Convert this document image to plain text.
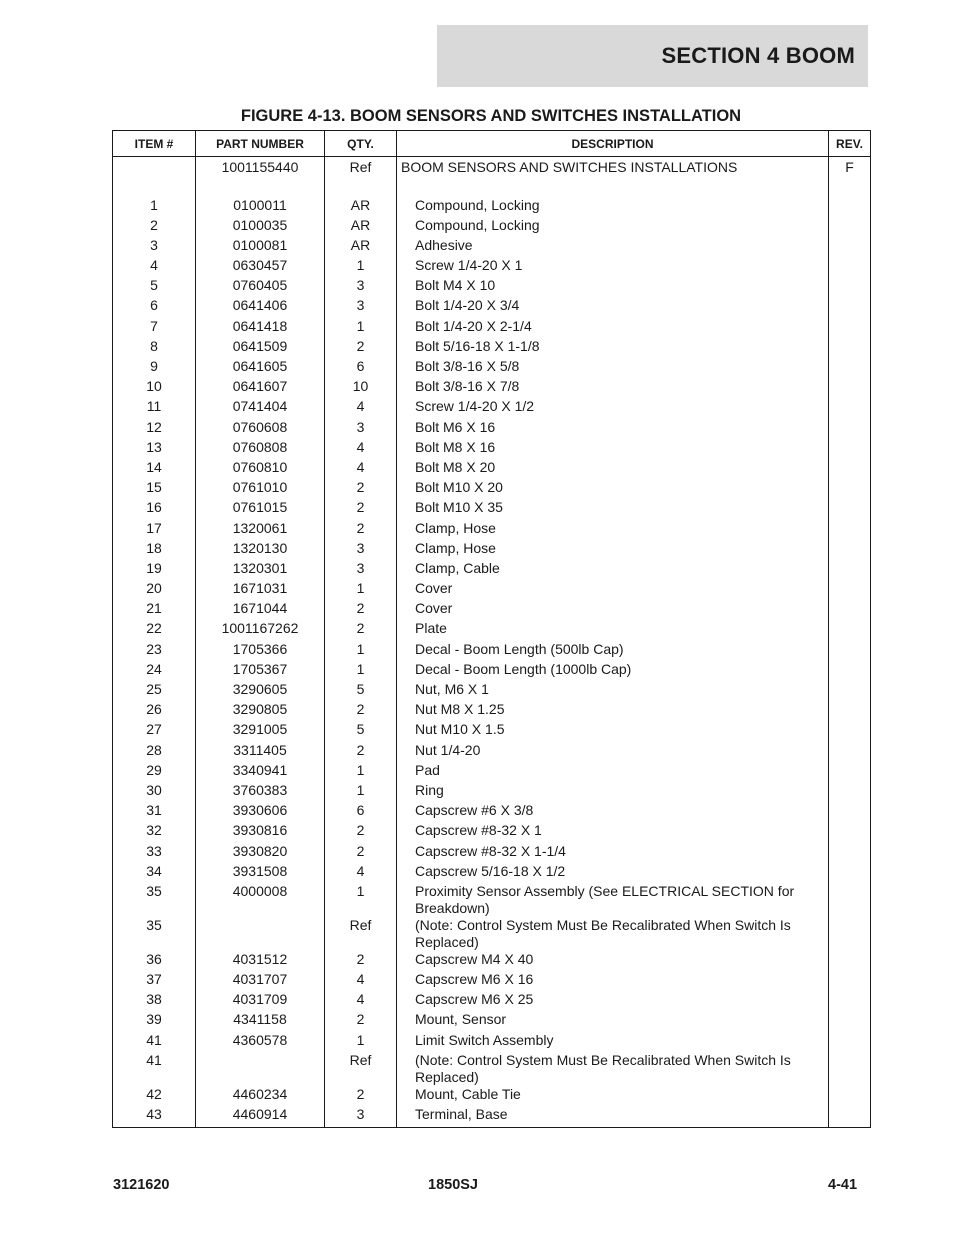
SECTION 4 BOOM
FIGURE 4-13. BOOM SENSORS AND SWITCHES INSTALLATION
ITEM #	PART NUMBER	QTY.	DESCRIPTION	REV.
	1001155440	Ref	BOOM SENSORS AND SWITCHES INSTALLATIONS	F
1	0100011	AR	Compound, Locking	
2	0100035	AR	Compound, Locking	
3	0100081	AR	Adhesive	
4	0630457	1	Screw 1/4-20 X 1	
5	0760405	3	Bolt M4 X 10	
6	0641406	3	Bolt 1/4-20 X 3/4	
7	0641418	1	Bolt 1/4-20 X 2-1/4	
8	0641509	2	Bolt 5/16-18 X 1-1/8	
9	0641605	6	Bolt 3/8-16 X 5/8	
10	0641607	10	Bolt 3/8-16 X 7/8	
11	0741404	4	Screw 1/4-20 X 1/2	
12	0760608	3	Bolt M6 X 16	
13	0760808	4	Bolt M8 X 16	
14	0760810	4	Bolt M8 X 20	
15	0761010	2	Bolt M10 X 20	
16	0761015	2	Bolt M10 X 35	
17	1320061	2	Clamp, Hose	
18	1320130	3	Clamp, Hose	
19	1320301	3	Clamp, Cable	
20	1671031	1	Cover	
21	1671044	2	Cover	
22	1001167262	2	Plate	
23	1705366	1	Decal - Boom Length (500lb Cap)	
24	1705367	1	Decal - Boom Length (1000lb Cap)	
25	3290605	5	Nut, M6 X 1	
26	3290805	2	Nut M8 X 1.25	
27	3291005	5	Nut M10 X 1.5	
28	3311405	2	Nut 1/4-20	
29	3340941	1	Pad	
30	3760383	1	Ring	
31	3930606	6	Capscrew #6 X 3/8	
32	3930816	2	Capscrew #8-32 X 1	
33	3930820	2	Capscrew #8-32 X 1-1/4	
34	3931508	4	Capscrew 5/16-18 X 1/2	
35	4000008	1	Proximity Sensor Assembly (See ELECTRICAL SECTION for Breakdown)	
35		Ref	(Note: Control System Must Be Recalibrated When Switch Is Replaced)	
36	4031512	2	Capscrew M4 X 40	
37	4031707	4	Capscrew M6 X 16	
38	4031709	4	Capscrew M6 X 25	
39	4341158	2	Mount, Sensor	
41	4360578	1	Limit Switch Assembly	
41		Ref	(Note: Control System Must Be Recalibrated When Switch Is Replaced)	
42	4460234	2	Mount, Cable Tie	
43	4460914	3	Terminal, Base	
3121620	1850SJ	4-41
